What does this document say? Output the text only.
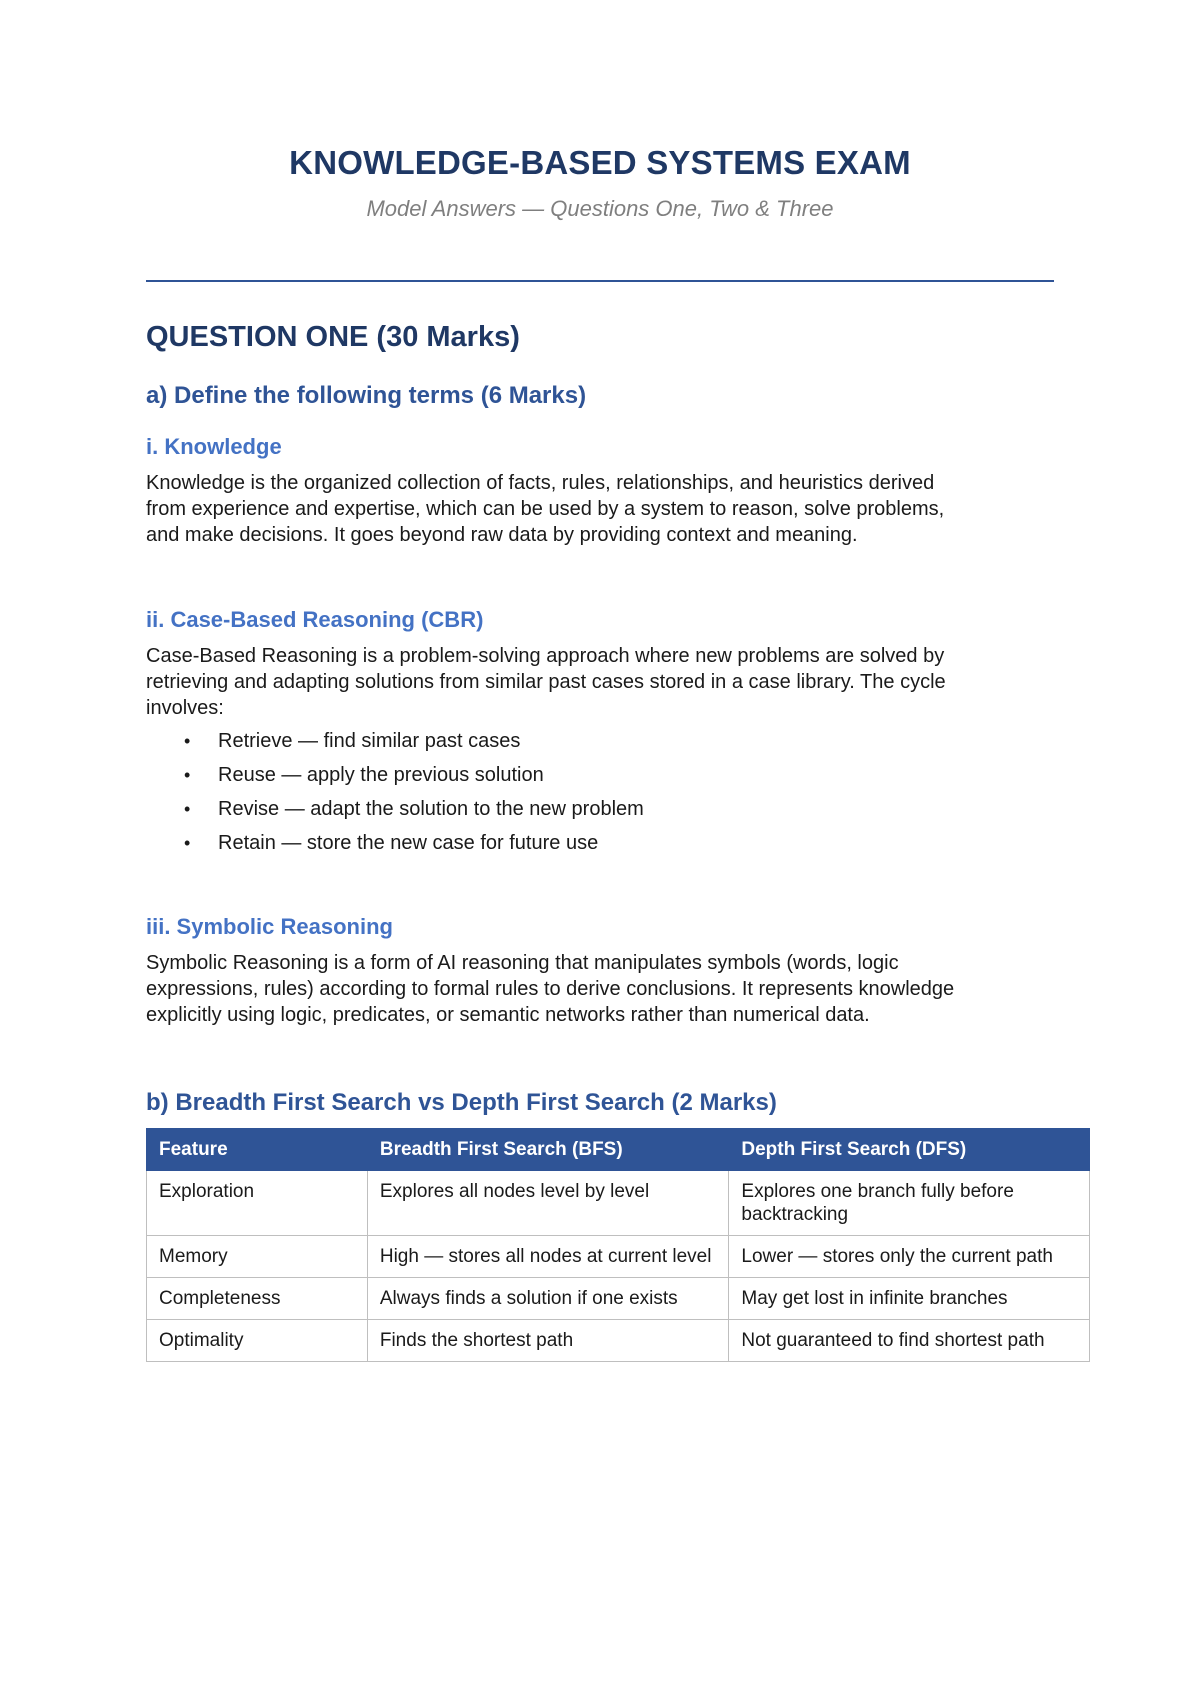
KNOWLEDGE-BASED SYSTEMS EXAM

Model Answers — Questions One, Two & Three

QUESTION ONE (30 Marks)
a) Define the following terms (6 Marks)
i. Knowledge
Knowledge is the organized collection of facts, rules, relationships, and heuristics derived
from experience and expertise, which can be used by a system to reason, solve problems,
and make decisions. It goes beyond raw data by providing context and meaning.
ii. Case-Based Reasoning (CBR)
Case-Based Reasoning is a problem-solving approach where new problems are solved by
retrieving and adapting solutions from similar past cases stored in a case library. The cycle
involves:
• Retrieve — find similar past cases
• Reuse — apply the previous solution
• Revise — adapt the solution to the new problem
• Retain — store the new case for future use
iii. Symbolic Reasoning
Symbolic Reasoning is a form of AI reasoning that manipulates symbols (words, logic
expressions, rules) according to formal rules to derive conclusions. It represents knowledge
explicitly using logic, predicates, or semantic networks rather than numerical data.
b) Breadth First Search vs Depth First Search (2 Marks)
Feature	Breadth First Search (BFS)	Depth First Search (DFS)
Exploration	Explores all nodes level by level	Explores one branch fully before backtracking
Memory	High — stores all nodes at current level	Lower — stores only the current path
Completeness	Always finds a solution if one exists	May get lost in infinite branches
Optimality	Finds the shortest path	Not guaranteed to find shortest path
